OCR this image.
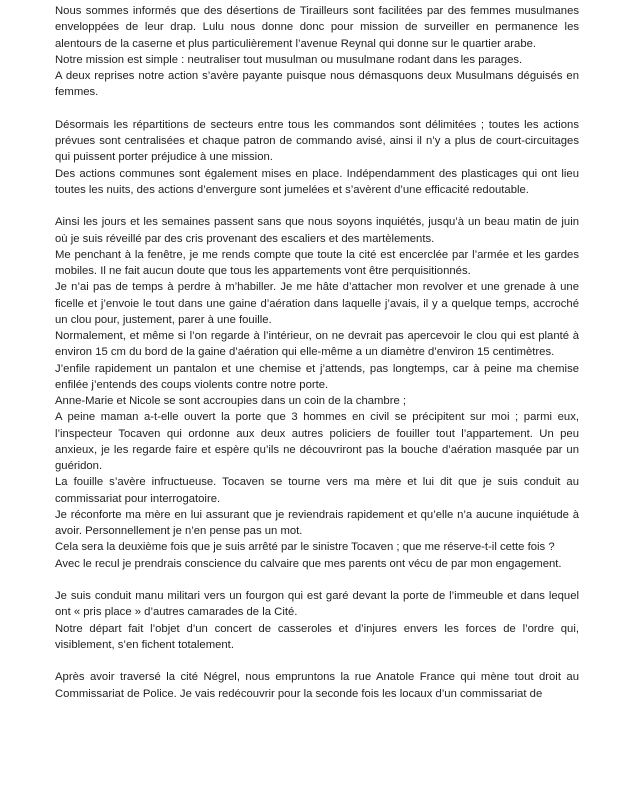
Nous sommes informés que des désertions de Tirailleurs sont facilitées par des femmes musulmanes enveloppées de leur drap. Lulu nous donne donc pour mission de surveiller en permanence les alentours de la caserne et plus particulièrement l’avenue Reynal qui donne sur le quartier arabe.

Notre mission est simple : neutraliser tout musulman ou musulmane rodant dans les parages.

A deux reprises notre action s’avère payante puisque nous démasquons deux Musulmans déguisés en femmes.

Désormais les répartitions de secteurs entre tous les commandos sont délimitées ; toutes les actions prévues sont centralisées et chaque patron de commando avisé, ainsi il n’y a plus de court-circuitages qui puissent porter préjudice à une mission.

Des actions communes sont également mises en place. Indépendamment des plasticages qui ont lieu toutes les nuits, des actions d’envergure sont jumelées et s’avèrent d’une efficacité redoutable.

Ainsi les jours et les semaines passent sans que nous soyons inquiétés, jusqu’à un beau matin de juin où je suis réveillé par des cris provenant des escaliers et des martèlements.

Me penchant à la fenêtre, je me rends compte que toute la cité est encerclée par l’armée et les gardes mobiles. Il ne fait aucun doute que tous les appartements vont être perquisitionnés.

Je n’ai pas de temps à perdre à m’habiller. Je me hâte d’attacher mon revolver et une grenade à une ficelle et j’envoie le tout dans une gaine d’aération dans laquelle j’avais, il y a quelque temps, accroché un clou pour, justement, parer à une fouille.

Normalement, et même si l’on regarde à l’intérieur, on ne devrait pas apercevoir le clou qui est planté à environ 15 cm du bord de la gaine d’aération qui elle-même a un diamètre d’environ 15 centimètres.

J’enfile rapidement un pantalon et une chemise et j’attends, pas longtemps, car à peine ma chemise enfilée j’entends des coups violents contre notre porte.

Anne-Marie et Nicole se sont accroupies dans un coin de la chambre ;

A peine maman a-t-elle ouvert la porte que 3 hommes en civil se précipitent sur moi ; parmi eux, l’inspecteur Tocaven qui ordonne aux deux autres policiers de fouiller tout l’appartement. Un peu anxieux, je les regarde faire et espère qu’ils ne découvriront pas la bouche d’aération masquée par un guéridon.

La fouille s’avère infructueuse. Tocaven se tourne vers ma mère et lui dit que je suis conduit au commissariat pour interrogatoire.

Je réconforte ma mère en lui assurant que je reviendrais rapidement et qu’elle n’a aucune inquiétude à avoir. Personnellement je n’en pense pas un mot.

Cela sera la deuxième fois que je suis arrêté par le sinistre Tocaven ; que me réserve-t-il cette fois ?

Avec le recul je prendrais conscience du calvaire que mes parents ont vécu de par mon engagement.

Je suis conduit manu militari vers un fourgon qui est garé devant la porte de l’immeuble et dans lequel ont « pris place » d’autres camarades de la Cité.

Notre départ fait l’objet d’un concert de casseroles et d’injures envers les forces de l’ordre qui, visiblement, s’en fichent totalement.

Après avoir traversé la cité Négrel, nous empruntons la rue Anatole France qui mène tout droit au Commissariat de Police. Je vais redécouvrir pour la seconde fois les locaux d’un commissariat de
